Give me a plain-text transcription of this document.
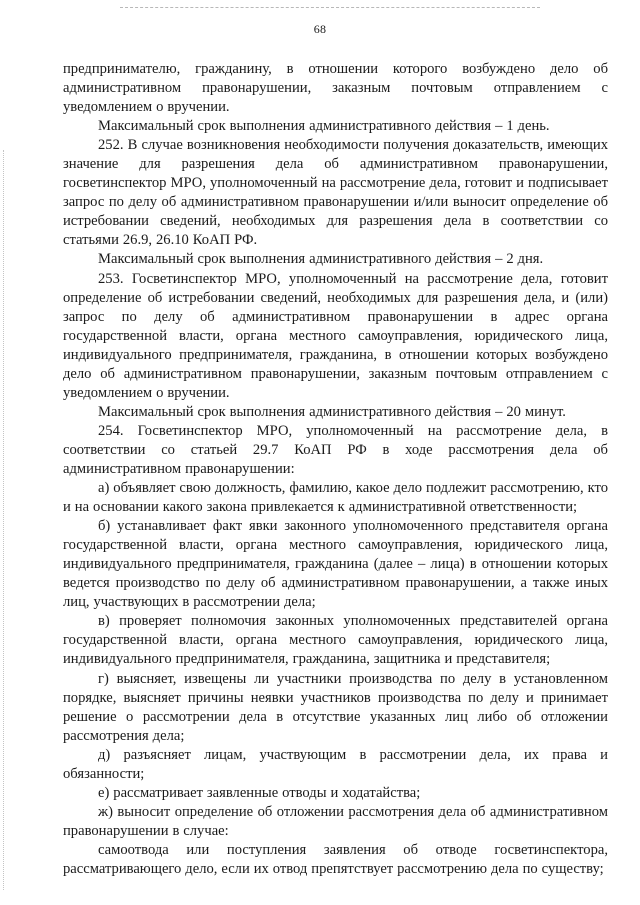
68

предпринимателю, гражданину, в отношении которого возбуждено дело об административном правонарушении, заказным почтовым отправлением с уведомлением о вручении.

Максимальный срок выполнения административного действия – 1 день.

252. В случае возникновения необходимости получения доказательств, имеющих значение для разрешения дела об административном правонарушении, госветинспектор МРО, уполномоченный на рассмотрение дела, готовит и подписывает запрос по делу об административном правонарушении и/или выносит определение об истребовании сведений, необходимых для разрешения дела в соответствии со статьями 26.9, 26.10 КоАП РФ.

Максимальный срок выполнения административного действия – 2 дня.

253. Госветинспектор МРО, уполномоченный на рассмотрение дела, готовит определение об истребовании сведений, необходимых для разрешения дела, и (или) запрос по делу об административном правонарушении в адрес органа государственной власти, органа местного самоуправления, юридического лица, индивидуального предпринимателя, гражданина, в отношении которых возбуждено дело об административном правонарушении, заказным почтовым отправлением с уведомлением о вручении.

Максимальный срок выполнения административного действия – 20 минут.

254. Госветинспектор МРО, уполномоченный на рассмотрение дела, в соответствии со статьей 29.7 КоАП РФ в ходе рассмотрения дела об административном правонарушении:

а) объявляет свою должность, фамилию, какое дело подлежит рассмотрению, кто и на основании какого закона привлекается к административной ответственности;

б) устанавливает факт явки законного уполномоченного представителя органа государственной власти, органа местного самоуправления, юридического лица, индивидуального предпринимателя, гражданина (далее – лица) в отношении которых ведется производство по делу об административном правонарушении, а также иных лиц, участвующих в рассмотрении дела;

в) проверяет полномочия законных уполномоченных представителей органа государственной власти, органа местного самоуправления, юридического лица, индивидуального предпринимателя, гражданина, защитника и представителя;

г) выясняет, извещены ли участники производства по делу в установленном порядке, выясняет причины неявки участников производства по делу и принимает решение о рассмотрении дела в отсутствие указанных лиц либо об отложении рассмотрения дела;

д) разъясняет лицам, участвующим в рассмотрении дела, их права и обязанности;

е) рассматривает заявленные отводы и ходатайства;

ж) выносит определение об отложении рассмотрения дела об административном правонарушении в случае:

самоотвода или поступления заявления об отводе госветинспектора, рассматривающего дело, если их отвод препятствует рассмотрению дела по существу;
